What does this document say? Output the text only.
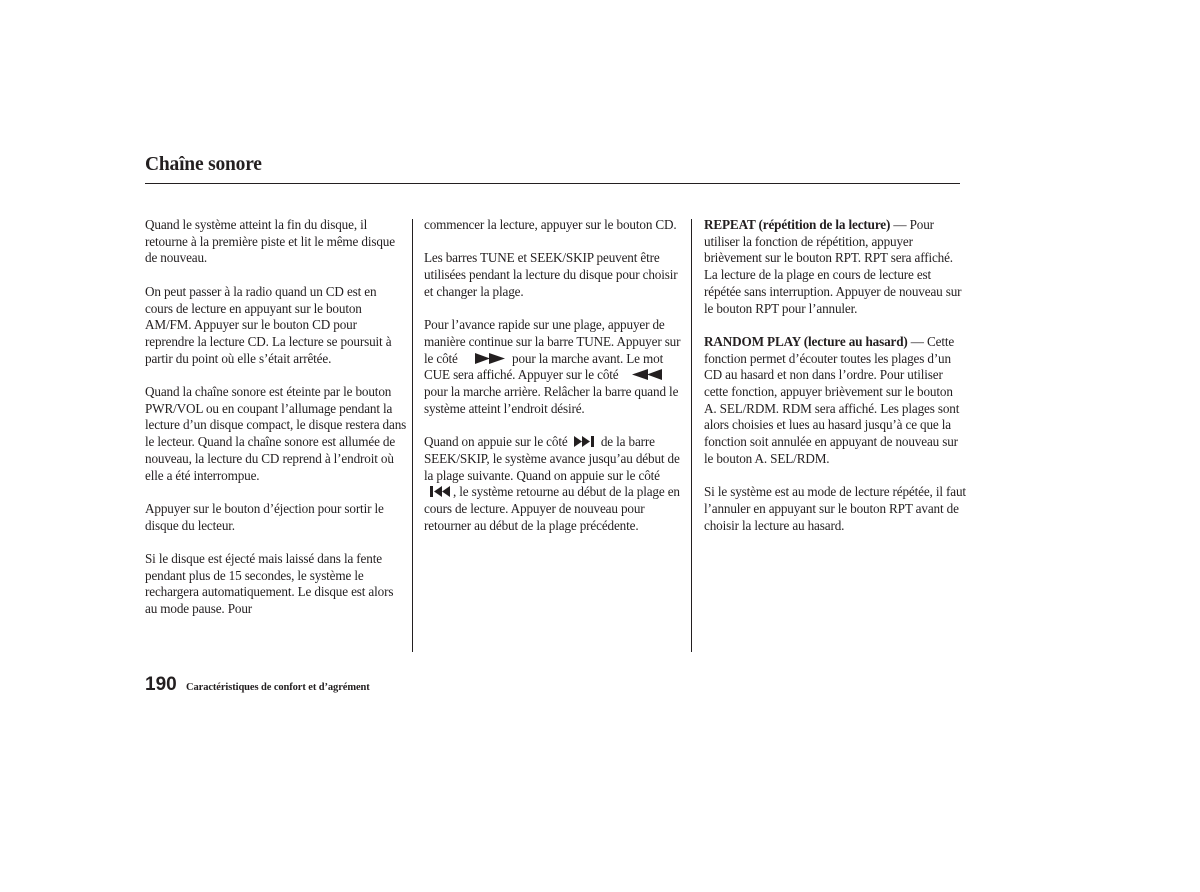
Chaîne sonore

Quand le système atteint la fin du disque, il retourne à la première piste et lit le même disque de nouveau.

On peut passer à la radio quand un CD est en cours de lecture en appuyant sur le bouton AM/FM. Appuyer sur le bouton CD pour reprendre la lecture CD. La lecture se poursuit à partir du point où elle s’était arrêtée.

Quand la chaîne sonore est éteinte par le bouton PWR/VOL ou en coupant l’allumage pendant la lecture d’un disque compact, le disque restera dans le lecteur. Quand la chaîne sonore est allumée de nouveau, la lecture du CD reprend à l’endroit où elle a été interrompue.

Appuyer sur le bouton d’éjection pour sortir le disque du lecteur.

Si le disque est éjecté mais laissé dans la fente pendant plus de 15 secondes, le système le rechargera automatiquement. Le disque est alors au mode pause. Pour

commencer la lecture, appuyer sur le bouton CD.

Les barres TUNE et SEEK/SKIP peuvent être utilisées pendant la lecture du disque pour choisir et changer la plage.

Pour l’avance rapide sur une plage, appuyer de manière continue sur la barre TUNE. Appuyer sur le côté	pour la marche avant. Le mot CUE sera affiché. Appuyer sur le côté
pour la marche arrière. Relâcher la barre quand le système atteint l’endroit désiré.

Quand on appuie sur le côté	de la barre SEEK/SKIP, le système avance jusqu’au début de la plage suivante. Quand on appuie sur le côté
, le système retourne au début de la plage en cours de lecture. Appuyer de nouveau pour retourner au début de la plage précédente.

REPEAT (répétition de la lecture) — Pour utiliser la fonction de répétition, appuyer brièvement sur le bouton RPT. RPT sera affiché. La lecture de la plage en cours de lecture est répétée sans interruption. Appuyer de nouveau sur le bouton RPT pour l’annuler.

RANDOM PLAY (lecture au hasard) — Cette fonction permet d’écouter toutes les plages d’un CD au hasard et non dans l’ordre. Pour utiliser cette fonction, appuyer brièvement sur le bouton A. SEL/RDM. RDM sera affiché. Les plages sont alors choisies et lues au hasard jusqu’à ce que la fonction soit annulée en appuyant de nouveau sur le bouton A. SEL/RDM.

Si le système est au mode de lecture répétée, il faut l’annuler en appuyant sur le bouton RPT avant de choisir la lecture au hasard.

190 Caractéristiques de confort et d’agrément
